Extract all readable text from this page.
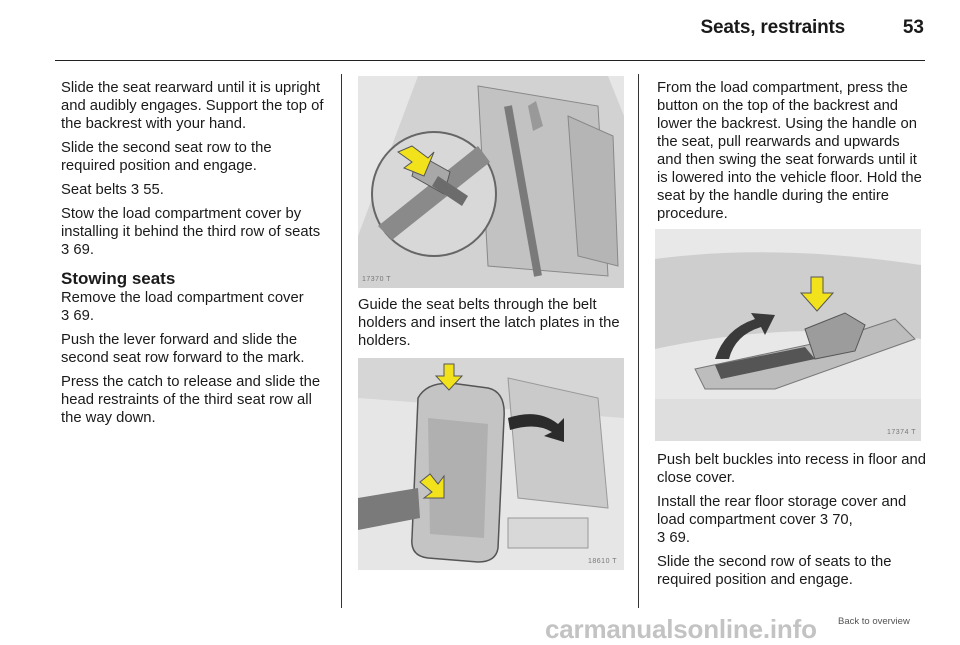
Seats, restraints	53

Slide the seat rearward until it is upright and audibly engages. Support the top of the backrest with your hand.

Slide the second seat row to the required position and engage.

Seat belts 3 55.

Stow the load compartment cover by installing it behind the third row of seats 3 69.

Stowing seats

Remove the load compartment cover 3 69.

Push the lever forward and slide the second seat row forward to the mark.

Press the catch to release and slide the head restraints of the third seat row all the way down.

17370 T

Guide the seat belts through the belt holders and insert the latch plates in the holders.

18610 T

From the load compartment, press the button on the top of the backrest and lower the backrest. Using the handle on the seat, pull rearwards and upwards and then swing the seat forwards until it is lowered into the vehicle floor. Hold the seat by the handle during the entire procedure.

17374 T

Push belt buckles into recess in floor and close cover.

Install the rear floor storage cover and load compartment cover 3 70,
3 69.

Slide the second row of seats to the required position and engage.

carmanualsonline.info Back to overview
